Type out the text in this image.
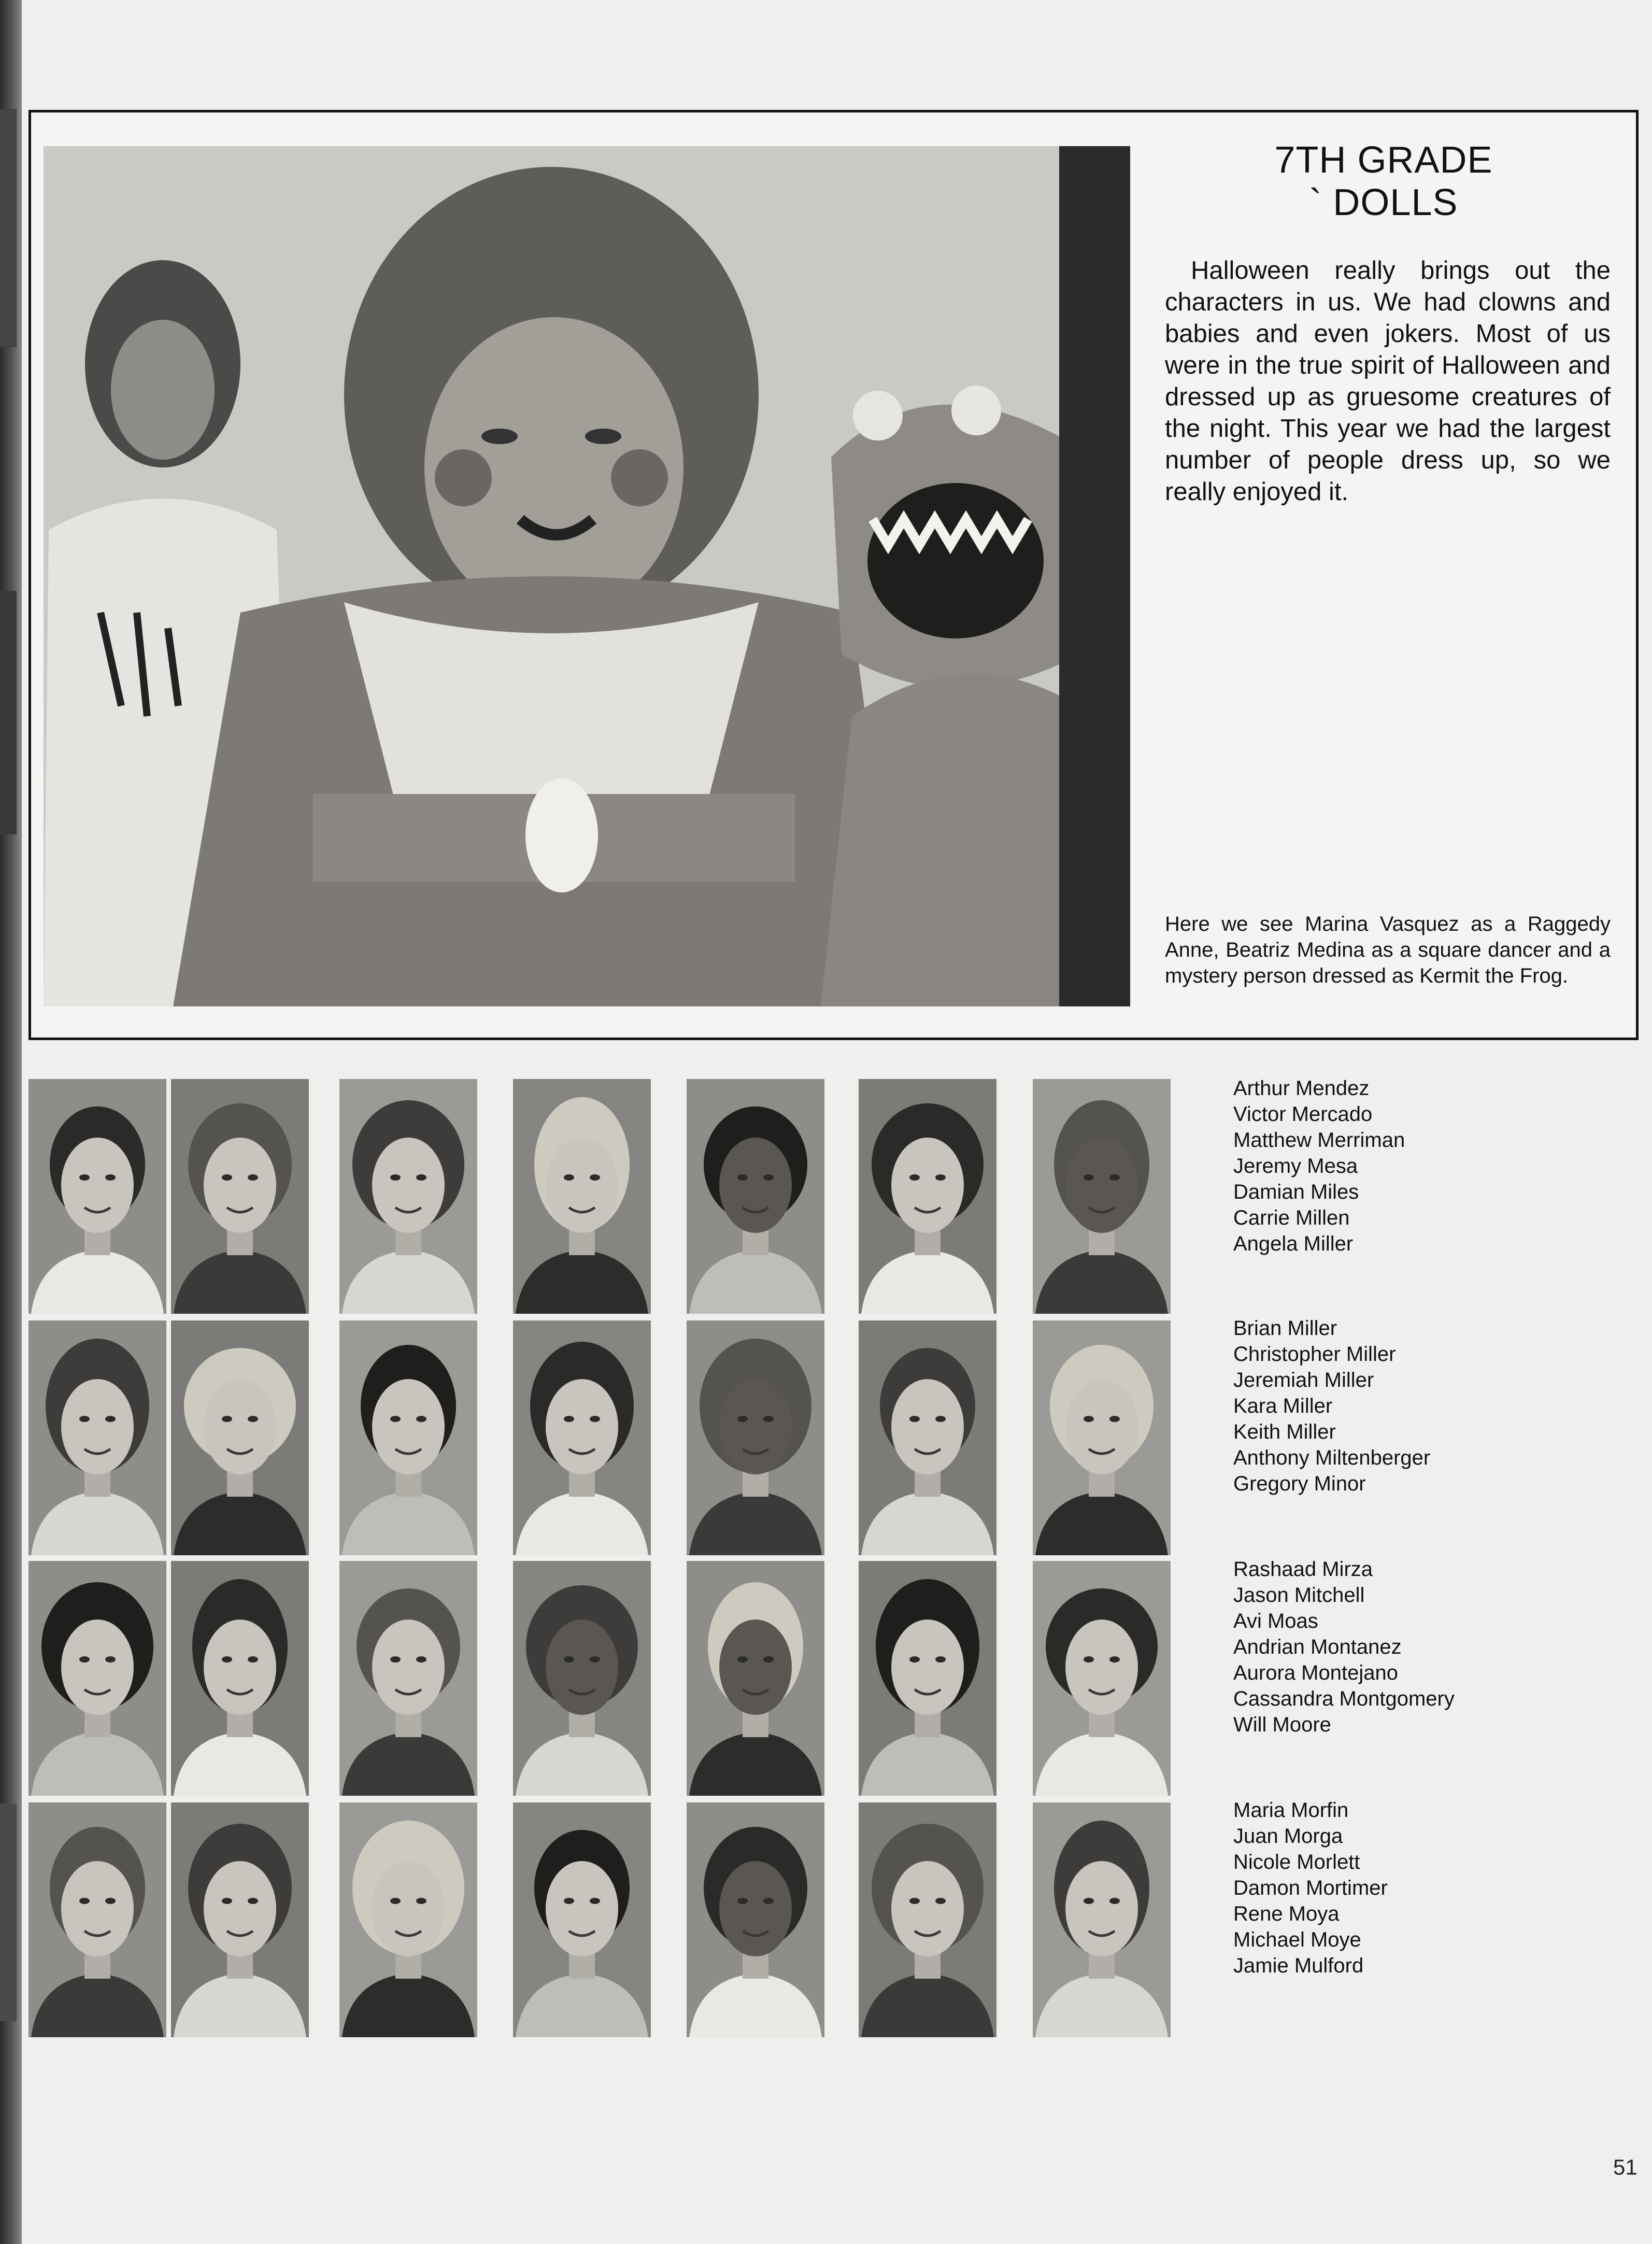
7TH GRADE
` DOLLS
Halloween really brings out the characters in us. We had clowns and babies and even jokers. Most of us were in the true spirit of Halloween and dressed up as gruesome creatures of the night. This year we had the largest number of people dress up, so we really enjoyed it.
Here we see Marina Vasquez as a Raggedy Anne, Beatriz Medina as a square dancer and a mystery person dressed as Kermit the Frog.
Arthur Mendez
Victor Mercado
Matthew Merriman
Jeremy Mesa
Damian Miles
Carrie Millen
Angela Miller
Brian Miller
Christopher Miller
Jeremiah Miller
Kara Miller
Keith Miller
Anthony Miltenberger
Gregory Minor
Rashaad Mirza
Jason Mitchell
Avi Moas
Andrian Montanez
Aurora Montejano
Cassandra Montgomery
Will Moore
Maria Morfin
Juan Morga
Nicole Morlett
Damon Mortimer
Rene Moya
Michael Moye
Jamie Mulford
51
